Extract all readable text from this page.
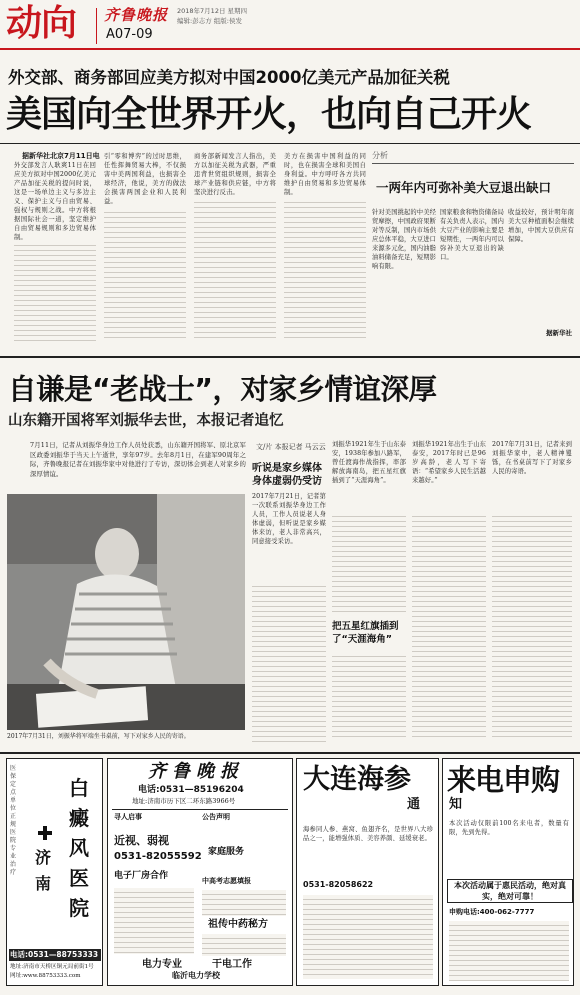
动向 齐鲁晚报
A07-09
2018年7月12日 星期四
编辑:彭志方 组版:侯发
外交部、商务部回应美方拟对中国2000亿美元产品加征关税
美国向全世界开火，也向自己开火
据新华社北京7月11日电
外交部发言人耿爽11日在回应美方拟对中国2000亿美元产品加征关税的提问时说，这是一场单边主义与多边主义、保护主义与自由贸易、强权与规则之战。中方将根据国际社会一道，坚定维护自由贸易规则和多边贸易体制。
引“零和博弈”的过时思维，任性挥舞贸易大棒，不仅损害中美两国利益，也损害全球经济，他说，美方的做法会损害两国企业和人民利益。
商务部新闻发言人指出，美方以加征关税为武器，严重违背世贸组织规则，损害全球产业链和供应链，中方将坚决进行反击。
美方在损害中国利益的同时，也在损害全球和美国自身利益。中方呼吁各方共同维护自由贸易和多边贸易体制。
分析
一两年内可弥补美大豆退出缺口
针对美国挑起的中美经贸摩擦，中国政府果断对等反制，国内市场供应总体平稳，大豆进口来源多元化，国内油脂油料储备充足，短期影响有限。
国家粮食和物资储备局有关负责人表示，国内大豆产业的影响主要是短期性，一两年内可以弥补美大豆退出的缺口。
收益较好，预计明年南美大豆种植面积会继续增加，中国大豆供应有保障。
据新华社
自谦是“老战士”，对家乡情谊深厚
山东籍开国将军刘振华去世，本报记者追忆
7月11日，记者从刘振华身边工作人员处获悉，山东籍开国将军、原北京军区政委刘振华于当天上午逝世，享年97岁。去年8月1日，在建军90周年之际，齐鲁晚报记者在刘振华家中对他进行了专访，深切体会到老人对家乡的深厚情谊。
2017年7月31日，刘振华将军端坐书桌前，写下对家乡人民的寄语。
文/片 本报记者 马云云
听说是家乡媒体身体虚弱仍受访
2017年7月21日，记者第一次联系刘振华身边工作人员，工作人员说老人身体虚弱，但听说是家乡媒体来访，老人非常高兴，同意接受采访。
刘振华1921年生于山东泰安，1938年参加八路军，曾任渡海作战指挥，率部解放海南岛，把五星红旗插到了“天涯海角”。
把五星红旗插到了“天涯海角”
刘振华1921年出生于山东泰安，2017年时已是96岁高龄，老人写下寄语：“希望家乡人民生活越来越好。”
2017年7月31日，记者来到刘振华家中，老人精神矍铄，在书桌前写下了对家乡人民的寄语。
医保定点单位 正规医院 专业治疗
白癜风医院
济南
电话:0531—88753333
地址:济南市天桥区铜元局前街1号
网址:www.88753333.com
齐鲁晚报
电话:0531—85196204
地址:济南市历下区二环东路3966号
公告声明
寻人启事
近视、弱视
0531-82055592
电子厂房合作
家庭服务
中高考志愿填报
祖传中药秘方
电力专业	干电工作
临沂电力学校
大连海参
通
海参同人参、燕窝、鱼翅齐名，是世界八大珍品之一，能增强体质、美容养颜、延缓衰老。
0531-82058622
来电申购
知
本次活动仅限前100名来电者，数量有限，先到先得。
本次活动属于惠民活动，绝对真实，绝对可靠！
申购电话:400-062-7777
